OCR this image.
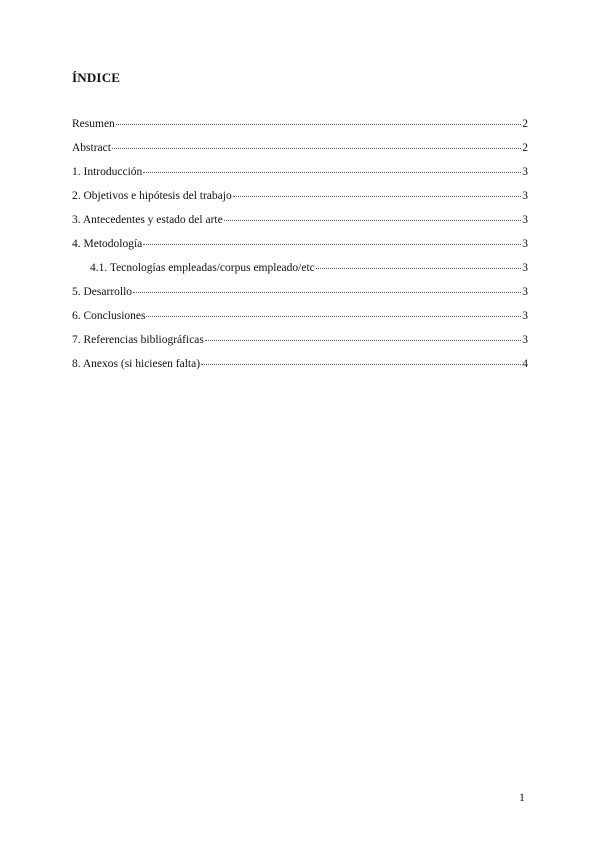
ÍNDICE
Resumen	2
Abstract	2
1. Introducción	3
2. Objetivos e hipótesis del trabajo	3
3. Antecedentes y estado del arte	3
4. Metodología	3
4.1. Tecnologías empleadas/corpus empleado/etc	3
5. Desarrollo	3
6. Conclusiones	3
7. Referencias bibliográficas	3
8. Anexos (si hiciesen falta)	4
1
